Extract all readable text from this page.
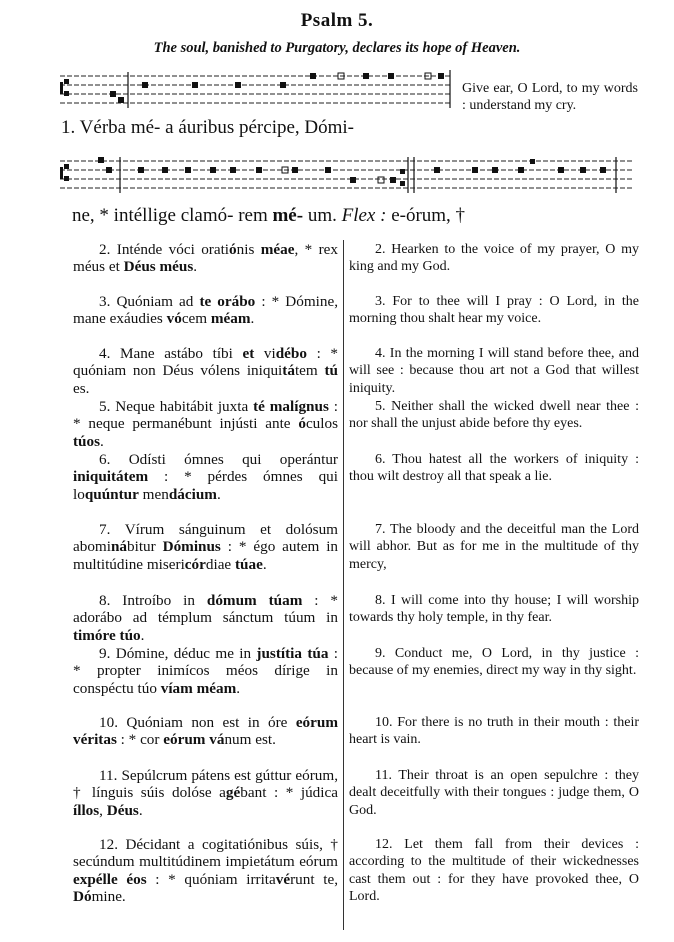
Psalm 5.
The soul, banished to Purgatory, declares its hope of Heaven.
Give ear, O Lord, to my words : understand my cry.
1. Vérba mé- a áuribus pércipe, Dómi-
ne, * intéllige clamó- rem mé- um. Flex : e-órum, †
2. Inténde vóci oratiónis méae, * rex méus et Déus méus.
3. Quóniam ad te orábo : * Dómine, mane exáudies vócem méam.
4. Mane astábo tíbi et vidébo : * quóniam non Déus vólens iniquitátem tú es.
5. Neque habitábit juxta té malígnus : * neque permanébunt injústi ante óculos túos.
6. Odísti ómnes qui operántur iniquitátem : * pérdes ómnes qui loquúntur mendácium.
7. Vírum sánguinum et dolósum abominábitur Dóminus : * égo autem in multitúdine misericórdiae túae.
8. Introíbo in dómum túam : * adorábo ad témplum sánctum túum in timóre túo.
9. Dómine, déduc me in justítia túa : * propter inimícos méos dírige in conspéctu túo víam méam.
10. Quóniam non est in óre eórum véritas : * cor eórum vánum est.
11. Sepúlcrum pátens est gúttur eórum, † línguis súis dolóse agébant : * júdica íllos, Déus.
12. Décidant a cogitatiónibus súis, † secúndum multitúdinem impietátum eórum expélle éos : * quóniam irritavérunt te, Dómine.
2. Hearken to the voice of my prayer, O my king and my God.
3. For to thee will I pray : O Lord, in the morning thou shalt hear my voice.
4. In the morning I will stand before thee, and will see : because thou art not a God that willest iniquity.
5. Neither shall the wicked dwell near thee : nor shall the unjust abide before thy eyes.
6. Thou hatest all the workers of iniquity : thou wilt destroy all that speak a lie.
7. The bloody and the deceitful man the Lord will abhor. But as for me in the multitude of thy mercy,
8. I will come into thy house; I will worship towards thy holy temple, in thy fear.
9. Conduct me, O Lord, in thy justice : because of my enemies, direct my way in thy sight.
10. For there is no truth in their mouth : their heart is vain.
11. Their throat is an open sepulchre : they dealt deceitfully with their tongues : judge them, O God.
12. Let them fall from their devices : according to the multitude of their wickednesses cast them out : for they have provoked thee, O Lord.
